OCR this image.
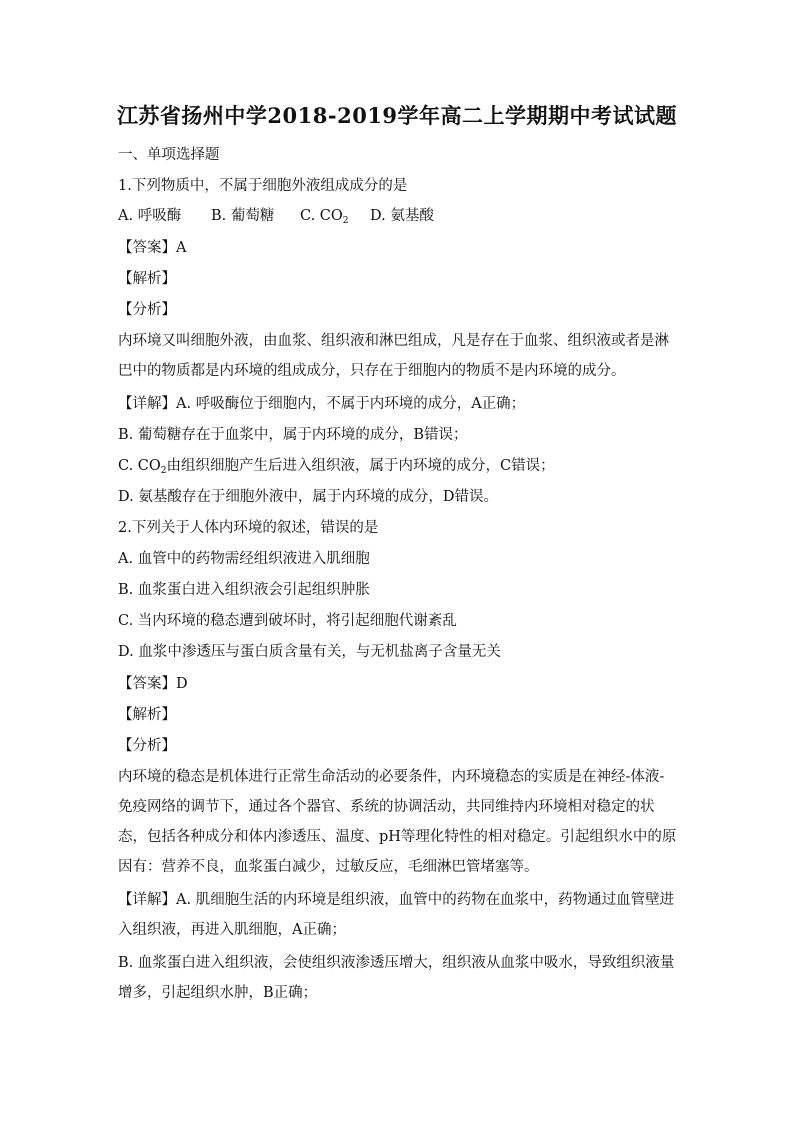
江苏省扬州中学2018-2019学年高二上学期期中考试试题
一、单项选择题
1.下列物质中，不属于细胞外液组成成分的是
A. 呼吸酶 B. 葡萄糖 C. $CO_2$ D. 氨基酸
【答案】A
【解析】
【分析】
内环境又叫细胞外液，由血浆、组织液和淋巴组成，凡是存在于血浆、组织液或者是淋巴中的物质都是内环境的组成成分，只存在于细胞内的物质不是内环境的成分。
【详解】A. 呼吸酶位于细胞内，不属于内环境的成分，A正确；
B. 葡萄糖存在于血浆中，属于内环境的成分，B错误；
C. $CO_2$由组织细胞产生后进入组织液，属于内环境的成分，C错误；
D. 氨基酸存在于细胞外液中，属于内环境的成分，D错误。
2.下列关于人体内环境的叙述，错误的是
A. 血管中的药物需经组织液进入肌细胞
B. 血浆蛋白进入组织液会引起组织肿胀
C. 当内环境的稳态遭到破坏时，将引起细胞代谢紊乱
D. 血浆中渗透压与蛋白质含量有关，与无机盐离子含量无关
【答案】D
【解析】
【分析】
内环境的稳态是机体进行正常生命活动的必要条件，内环境稳态的实质是在神经-体液-免疫网络的调节下，通过各个器官、系统的协调活动，共同维持内环境相对稳定的状态，包括各种成分和体内渗透压、温度、pH等理化特性的相对稳定。引起组织水中的原因有：营养不良，血浆蛋白减少，过敏反应，毛细淋巴管堵塞等。
【详解】A. 肌细胞生活的内环境是组织液，血管中的药物在血浆中，药物通过血管壁进入组织液，再进入肌细胞，A正确；
B. 血浆蛋白进入组织液，会使组织液渗透压增大，组织液从血浆中吸水，导致组织液量增多，引起组织水肿，B正确；
